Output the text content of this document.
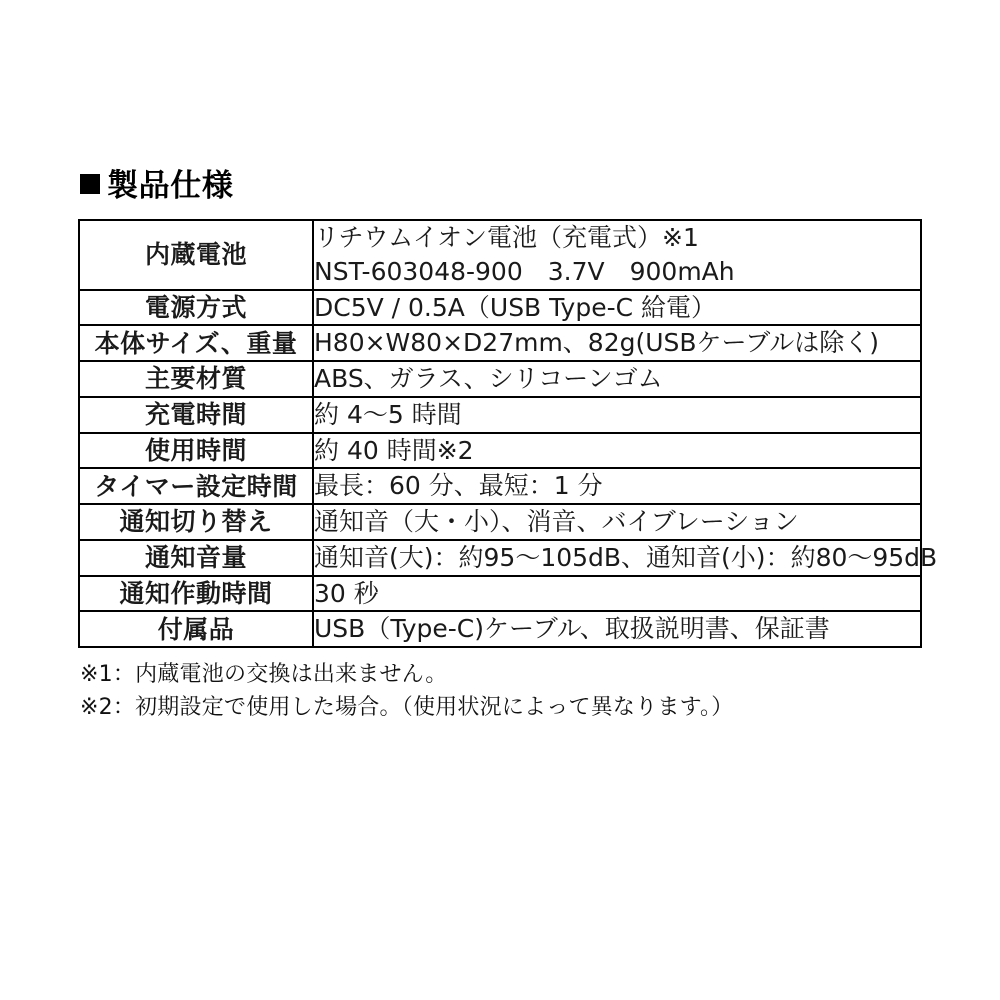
製品仕様
内蔵電池	リチウムイオン電池（充電式）※1
NST-603048-900　3.7V　900mAh

電源方式	DC5V / 0.5A（USB Type-C 給電）

本体サイズ、重量	H80×W80×D27mm、82g(USBケーブルは除く)

主要材質	ABS、ガラス、シリコーンゴム

充電時間	約 4〜5 時間

使用時間	約 40 時間※2

タイマー設定時間	最長：60 分、最短：1 分

通知切り替え	通知音（大・小）、消音、バイブレーション

通知音量	通知音(大)：約95〜105dB、通知音(小)：約80〜95dB

通知作動時間	30 秒

付属品	USB（Type-C)ケーブル、取扱説明書、保証書
※1：内蔵電池の交換は出来ません。
※2：初期設定で使用した場合。（使用状況によって異なります。）
